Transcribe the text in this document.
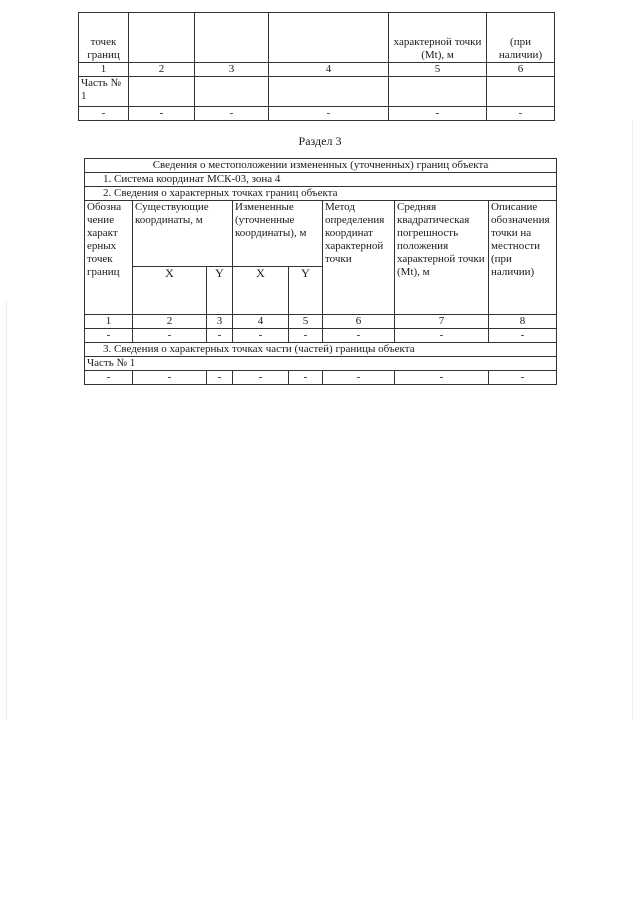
точек границ				характерной точки (Mt), м	(при наличии)
1	2	3	4	5	6
Часть № 1					
-	-	-	-	-	-
Раздел 3
Сведения о местоположении измененных (уточненных) границ объекта							
1. Система координат МСК-03, зона 4							
2. Сведения о характерных точках границ объекта							
Обозна чение характ ерных точек границ	Существующие координаты, м		Измененные (уточненные координаты), м		Метод определения координат характерной точки	Средняя квадратическая погрешность положения характерной точки (Mt), м	Описание обозначения точки на местности (при наличии)
	X	Y	X	Y			
1	2	3	4	5	6	7	8
-	-	-	-	-	-	-	-
3. Сведения о характерных точках части (частей) границы объекта							
Часть № 1							
-	-	-	-	-	-	-	-
